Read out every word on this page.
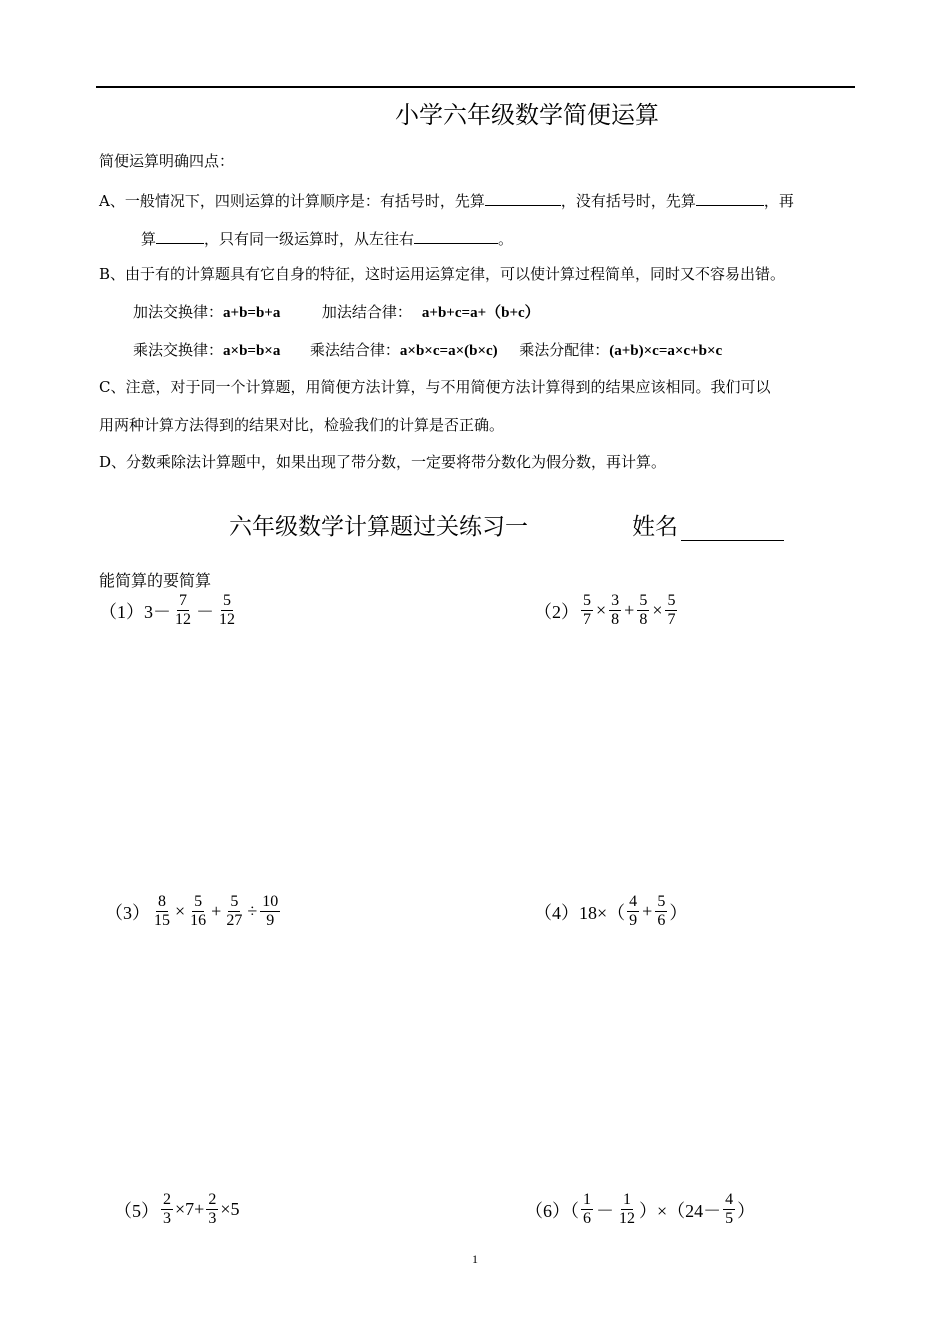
小学六年级数学简便运算
简便运算明确四点：
A、一般情况下，四则运算的计算顺序是：有括号时，先算	，没有括号时，先算	，再
算	，只有同一级运算时，从左往右	。
B、由于有的计算题具有它自身的特征，这时运用运算定律，可以使计算过程简单，同时又不容易出错。
加法交换律：a+b=b+a	加法结合律： a+b+c=a+（b+c）
乘法交换律：a×b=b×a 乘法结合律：a×b×c=a×(b×c) 乘法分配律：(a+b)×c=a×c+b×c
C、注意，对于同一个计算题，用简便方法计算，与不用简便方法计算得到的结果应该相同。我们可以
用两种计算方法得到的结果对比，检验我们的计算是否正确。
D、分数乘除法计算题中，如果出现了带分数，一定要将带分数化为假分数，再计算。
六年级数学计算题过关练习一	姓名
能简算的要简算
（1） $3- \frac{7}{12} - \frac{5}{12}$	$(2) \frac{5}{7} \times \frac{3}{8} + \frac{5}{8} \times \frac{5}{7}$
$(3) \frac{8}{15} \times \frac{5}{16} + \frac{5}{27} \div \frac{10}{9}$	（4） $18\times( \frac{4}{9} + \frac{5}{6}$ ）
$(5) \frac{2}{3} \times 7+ \frac{2}{3} \times 5$	$(6)( \frac{1}{6} - \frac{1}{12} )\times(24- \frac{4}{5}$ ）
1
